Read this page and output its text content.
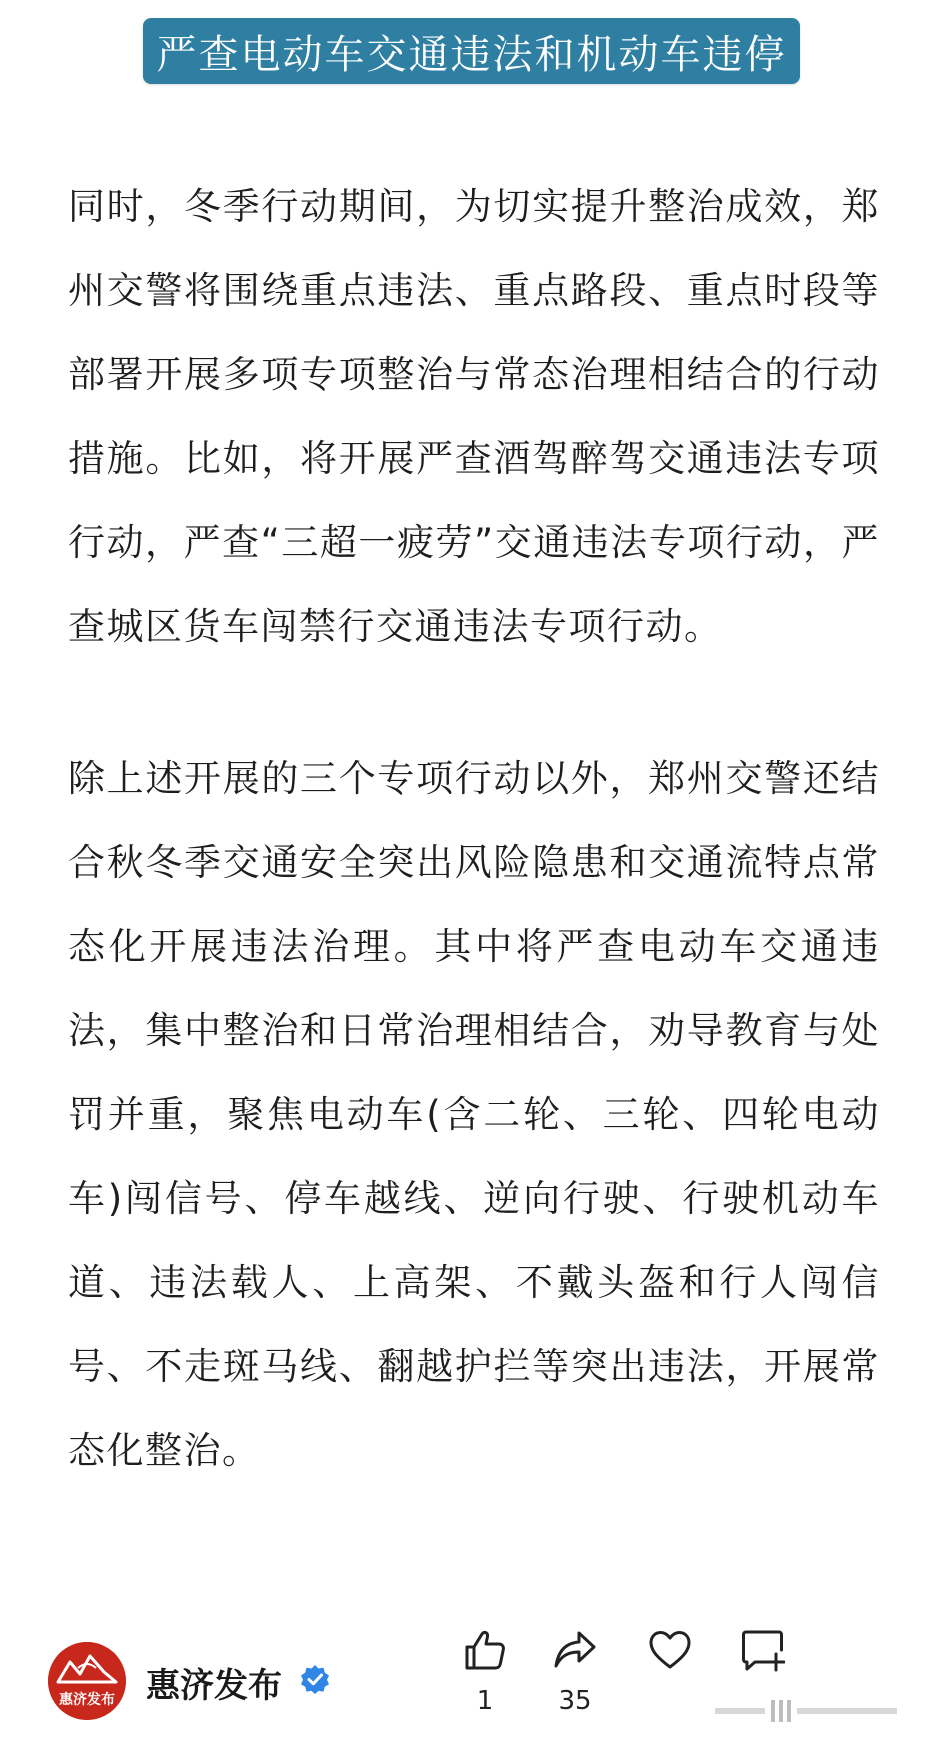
严查电动车交通违法和机动车违停

同时，冬季行动期间，为切实提升整治成效，郑州交警将围绕重点违法、重点路段、重点时段等部署开展多项专项整治与常态治理相结合的行动措施。比如，将开展严查酒驾醉驾交通违法专项行动，严查“三超一疲劳”交通违法专项行动，严查城区货车闯禁行交通违法专项行动。

除上述开展的三个专项行动以外，郑州交警还结合秋冬季交通安全突出风险隐患和交通流特点常态化开展违法治理。其中将严查电动车交通违法，集中整治和日常治理相结合，劝导教育与处罚并重，聚焦电动车(含二轮、三轮、四轮电动车)闯信号、停车越线、逆向行驶、行驶机动车道、违法载人、上高架、不戴头盔和行人闯信号、不走斑马线、翻越护拦等突出违法，开展常态化整治。

惠济发布 惠济发布	1	35
